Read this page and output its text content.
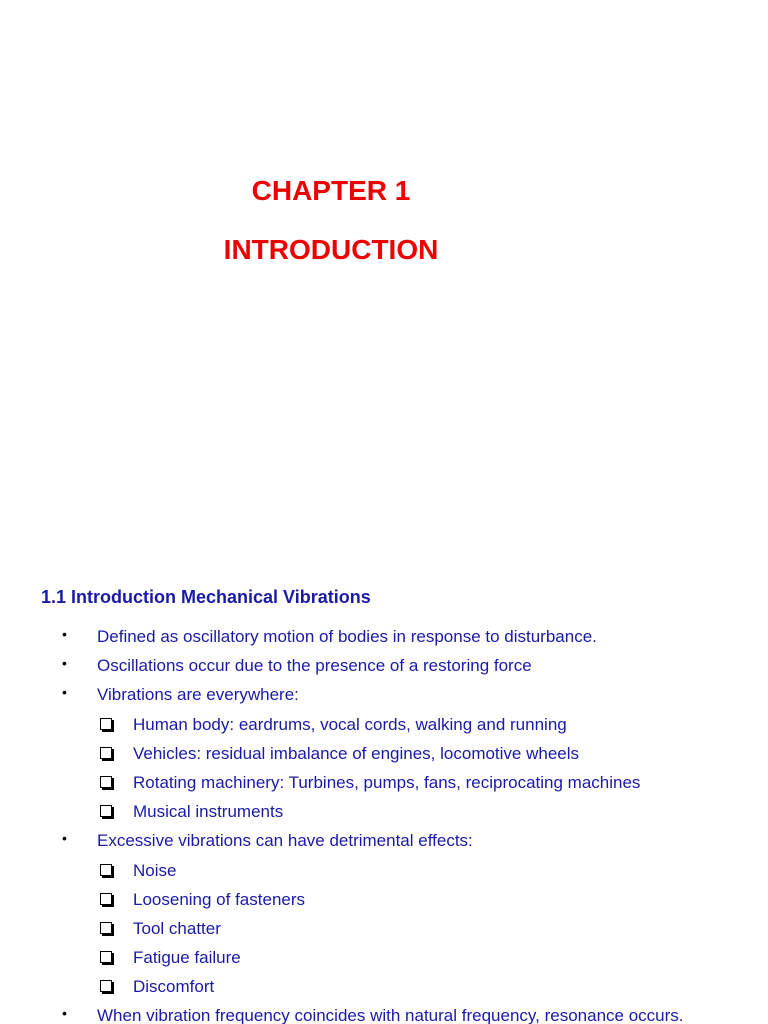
CHAPTER 1
INTRODUCTION
1.1 Introduction Mechanical Vibrations
• Defined as oscillatory motion of bodies in response to disturbance.
• Oscillations occur due to the presence of a restoring force
• Vibrations are everywhere:
Human body: eardrums, vocal cords, walking and running
Vehicles: residual imbalance of engines, locomotive wheels
Rotating machinery: Turbines, pumps, fans, reciprocating machines
Musical instruments
• Excessive vibrations can have detrimental effects:
Noise
Loosening of fasteners
Tool chatter
Fatigue failure
Discomfort
• When vibration frequency coincides with natural frequency, resonance occurs.
